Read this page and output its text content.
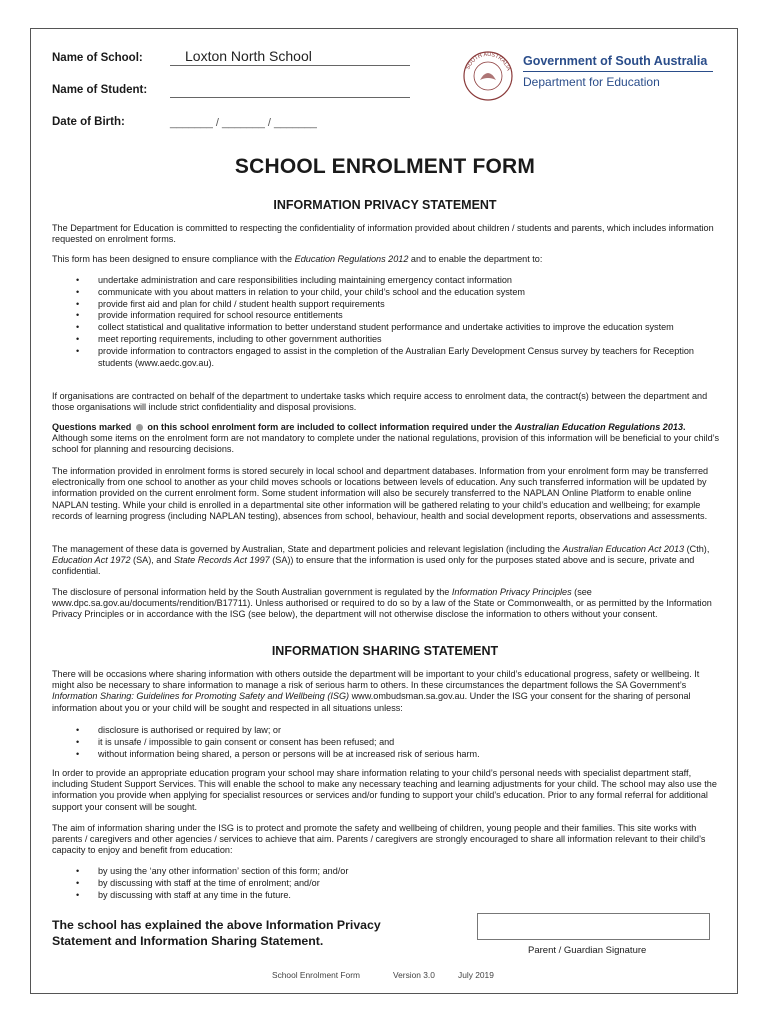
Name of School:	Loxton North School
Name of Student:
Date of Birth:	_______ / _______ / _______
SOUTH AUSTRALIA
Government of South Australia
Department for Education
SCHOOL ENROLMENT FORM
INFORMATION PRIVACY STATEMENT
The Department for Education is committed to respecting the confidentiality of information provided about children / students and parents, which includes information requested on enrolment forms.
This form has been designed to ensure compliance with the Education Regulations 2012 and to enable the department to:
• undertake administration and care responsibilities including maintaining emergency contact information
• communicate with you about matters in relation to your child, your child’s school and the education system
• provide first aid and plan for child / student health support requirements
• provide information required for school resource entitlements
• collect statistical and qualitative information to better understand student performance and undertake activities to improve the education system
• meet reporting requirements, including to other government authorities
• provide information to contractors engaged to assist in the completion of the Australian Early Development Census survey by teachers for Reception students (www.aedc.gov.au).
If organisations are contracted on behalf of the department to undertake tasks which require access to enrolment data, the contract(s) between the department and those organisations will include strict confidentiality and disposal provisions.
Questions marked  on this school enrolment form are included to collect information required under the Australian Education Regulations 2013. Although some items on the enrolment form are not mandatory to complete under the national regulations, provision of this information will be beneficial to your child’s school for planning and resourcing decisions.
The information provided in enrolment forms is stored securely in local school and department databases. Information from your enrolment form may be transferred electronically from one school to another as your child moves schools or locations between levels of education. Any such transferred information will be updated by information provided on the current enrolment form. Some student information will also be securely transferred to the NAPLAN Online Platform to enable online NAPLAN testing. While your child is enrolled in a departmental site other information will be gathered relating to your child’s education and wellbeing; for example records of learning progress (including NAPLAN testing), absences from school, behaviour, health and social development reports, observations and assessments.
The management of these data is governed by Australian, State and department policies and relevant legislation (including the Australian Education Act 2013 (Cth), Education Act 1972 (SA), and State Records Act 1997 (SA)) to ensure that the information is used only for the purposes stated above and is secure, private and confidential.
The disclosure of personal information held by the South Australian government is regulated by the Information Privacy Principles (see www.dpc.sa.gov.au/documents/rendition/B17711). Unless authorised or required to do so by a law of the State or Commonwealth, or as permitted by the Information Privacy Principles or in accordance with the ISG (see below), the department will not otherwise disclose the information to others without your consent.
INFORMATION SHARING STATEMENT
There will be occasions where sharing information with others outside the department will be important to your child’s educational progress, safety or wellbeing. It might also be necessary to share information to manage a risk of serious harm to others. In these circumstances the department follows the SA Government’s Information Sharing: Guidelines for Promoting Safety and Wellbeing (ISG) www.ombudsman.sa.gov.au. Under the ISG your consent for the sharing of personal information about you or your child will be sought and respected in all situations unless:
• disclosure is authorised or required by law; or
• it is unsafe / impossible to gain consent or consent has been refused; and
• without information being shared, a person or persons will be at increased risk of serious harm.
In order to provide an appropriate education program your school may share information relating to your child’s personal needs with specialist department staff, including Student Support Services. This will enable the school to make any necessary teaching and learning adjustments for your child. The school may also use the information you provide when applying for specialist resources or services and/or funding to support your child’s education. Prior to any formal referral for additional support your consent will be sought.
The aim of information sharing under the ISG is to protect and promote the safety and wellbeing of children, young people and their families. This site works with parents / caregivers and other agencies / services to achieve that aim. Parents / caregivers are strongly encouraged to share all information relevant to their child’s capacity to enjoy and benefit from education:
• by using the ‘any other information’ section of this form; and/or
• by discussing with staff at the time of enrolment; and/or
• by discussing with staff at any time in the future.
The school has explained the above Information Privacy Statement and Information Sharing Statement.
Parent / Guardian Signature
School Enrolment Form	Version 3.0	July 2019
